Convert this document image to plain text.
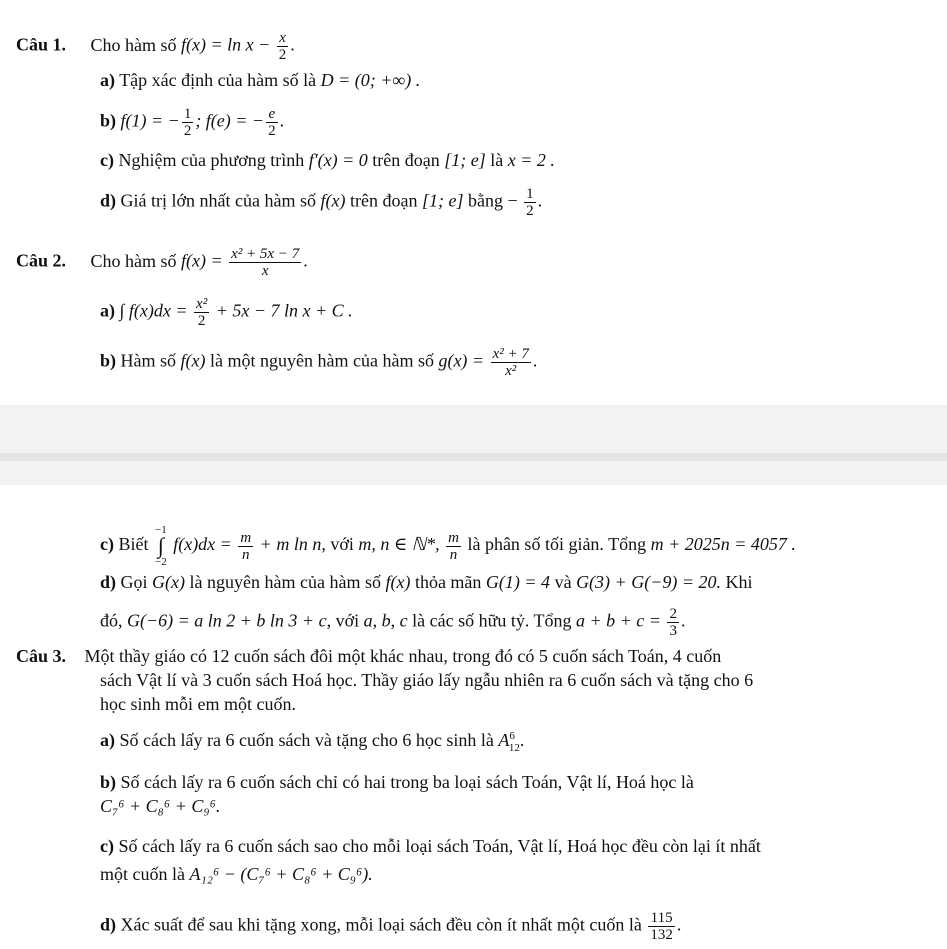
Câu 1. Cho hàm số $f(x) = \ln x - \frac{x}{2}$ .
a) Tập xác định của hàm số là D = (0; +∞) .
b) f(1) = − $\frac{1}{2}$ ; f(e) = − $\frac{e}{2}$ .
c) Nghiệm của phương trình f′(x) = 0 trên đoạn [1; e] là x = 2 .
d) Giá trị lớn nhất của hàm số f(x) trên đoạn [1; e] bằng − $\frac{1}{2}$ .
Câu 2. Cho hàm số $f(x) = \frac{\text{x² + 5x − 7}}{x}$ .
a) ∫ $f(x)dx = \frac{\text{x²}}{2} + 5x - 7$ ln x + C .
b) Hàm số f(x) là một nguyên hàm của hàm số $g(x) = \frac{\text{x² + 7}}{\text{x²}}$ .
c) Biết −1
∫
−2 $f(x)dx = \frac{m}{n} + m$ ln n, với m, n ∈ ℕ*, $\frac{m}{n}$ là phân số tối giản. Tổng m + 2025n = 4057 .
d) Gọi G(x) là nguyên hàm của hàm số f(x) thỏa mãn G(1) = 4 và G(3) + G(−9) = 20. Khi
đó, G(−6) = a ln 2 + b ln 3 + c, với a, b, c là các số hữu tỷ. Tổng $a + b + c = \frac{2}{3}$ .
Câu 3. Một thầy giáo có 12 cuốn sách đôi một khác nhau, trong đó có 5 cuốn sách Toán, 4 cuốn
sách Vật lí và 3 cuốn sách Hoá học. Thầy giáo lấy ngẫu nhiên ra 6 cuốn sách và tặng cho 6
học sinh mỗi em một cuốn.
a) Số cách lấy ra 6 cuốn sách và tặng cho 6 học sinh là $A^6_{12}$.
b) Số cách lấy ra 6 cuốn sách chỉ có hai trong ba loại sách Toán, Vật lí, Hoá học là
C₇⁶ + C₈⁶ + C₉⁶.
c) Số cách lấy ra 6 cuốn sách sao cho mỗi loại sách Toán, Vật lí, Hoá học đều còn lại ít nhất
một cuốn là A₁₂⁶ − (C₇⁶ + C₈⁶ + C₉⁶).
d) Xác suất để sau khi tặng xong, mỗi loại sách đều còn ít nhất một cuốn là $\frac{115}{132}$ .
